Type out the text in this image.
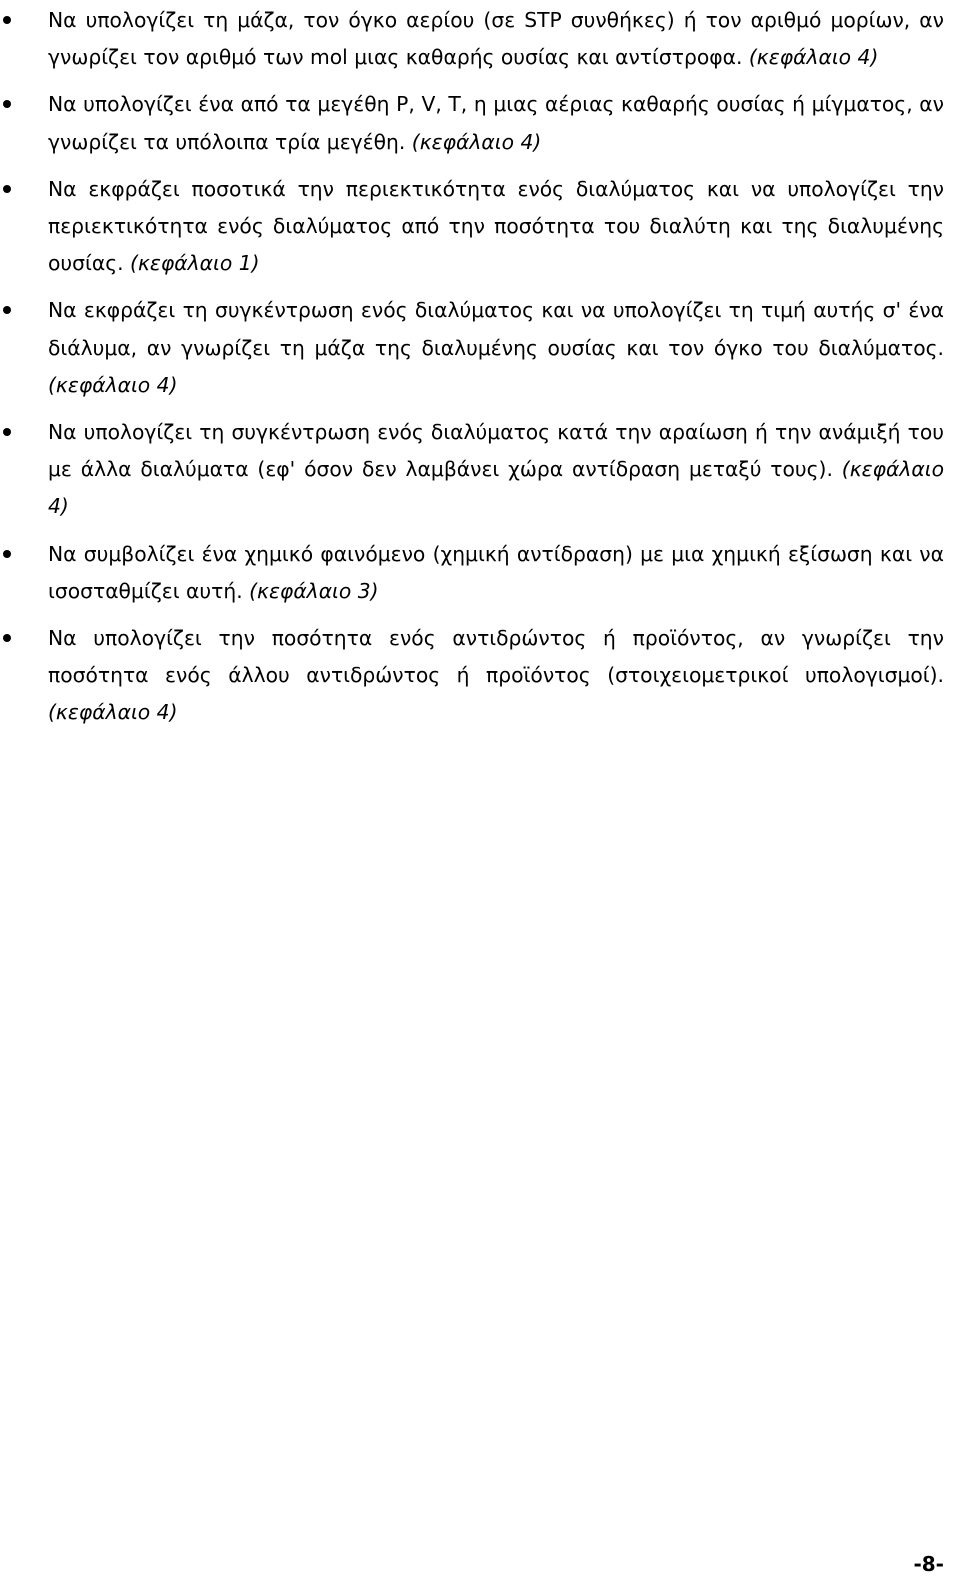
Να υπολογίζει τη μάζα, τον όγκο αερίου (σε STP συνθήκες) ή τον αριθμό μορίων, αν γνωρίζει τον αριθμό των mol μιας καθαρής ουσίας και αντίστροφα. (κεφάλαιο 4)
Να υπολογίζει ένα από τα μεγέθη P, V, T, η μιας αέριας καθαρής ουσίας ή μίγματος, αν γνωρίζει τα υπόλοιπα τρία μεγέθη. (κεφάλαιο 4)
Να εκφράζει ποσοτικά την περιεκτικότητα ενός διαλύματος και να υπολογίζει την περιεκτικότητα ενός διαλύματος από την ποσότητα του διαλύτη και της διαλυμένης ουσίας. (κεφάλαιο 1)
Να εκφράζει τη συγκέντρωση ενός διαλύματος και να υπολογίζει τη τιμή αυτής σ' ένα διάλυμα, αν γνωρίζει τη μάζα της διαλυμένης ουσίας και τον όγκο του διαλύματος. (κεφάλαιο 4)
Να υπολογίζει τη συγκέντρωση ενός διαλύματος κατά την αραίωση ή την ανάμιξή του με άλλα διαλύματα (εφ' όσον δεν λαμβάνει χώρα αντίδραση μεταξύ τους). (κεφάλαιο 4)
Να συμβολίζει ένα χημικό φαινόμενο (χημική αντίδραση) με μια χημική εξίσωση και να ισοσταθμίζει αυτή. (κεφάλαιο 3)
Να υπολογίζει την ποσότητα ενός αντιδρώντος ή προϊόντος, αν γνωρίζει την ποσότητα ενός άλλου αντιδρώντος ή προϊόντος (στοιχειομετρικοί υπολογισμοί). (κεφάλαιο 4)
-8-
